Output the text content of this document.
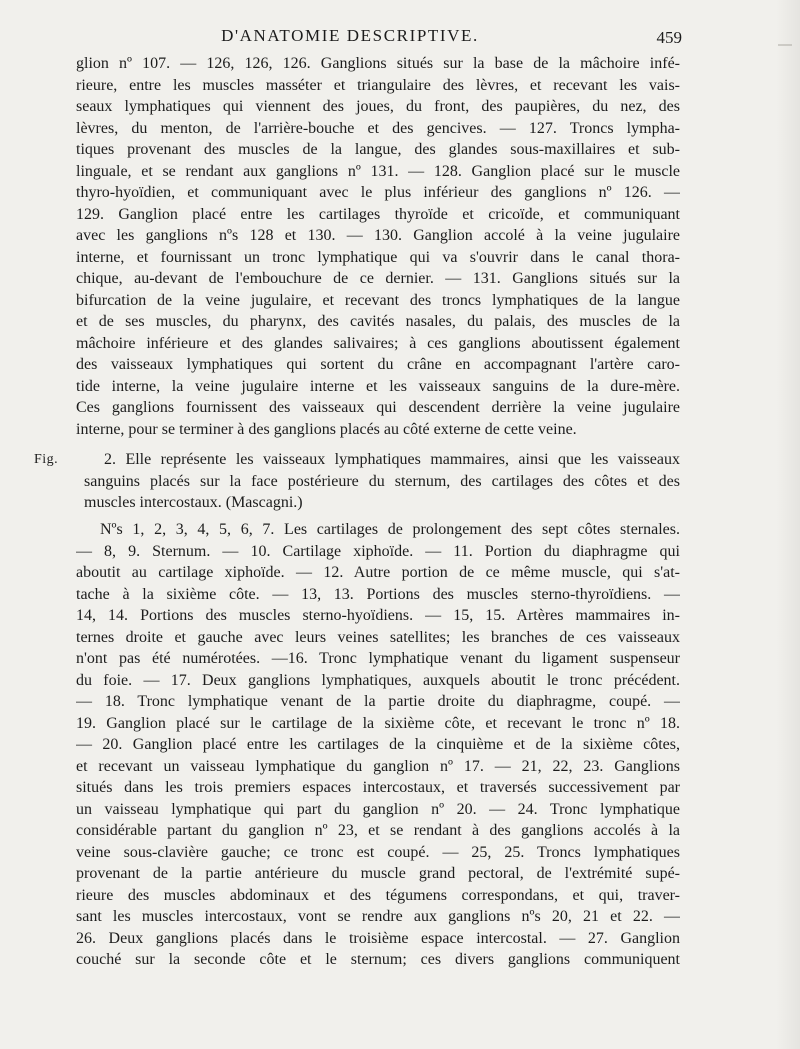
D'ANATOMIE DESCRIPTIVE.	459
glion nº 107. — 126, 126, 126. Ganglions situés sur la base de la mâchoire infé-
rieure, entre les muscles masséter et triangulaire des lèvres, et recevant les vais-
seaux lymphatiques qui viennent des joues, du front, des paupières, du nez, des
lèvres, du menton, de l'arrière-bouche et des gencives. — 127. Troncs lympha-
tiques provenant des muscles de la langue, des glandes sous-maxillaires et sub-
linguale, et se rendant aux ganglions nº 131. — 128. Ganglion placé sur le muscle
thyro-hyoïdien, et communiquant avec le plus inférieur des ganglions nº 126. —
129. Ganglion placé entre les cartilages thyroïde et cricoïde, et communiquant
avec les ganglions nºs 128 et 130. — 130. Ganglion accolé à la veine jugulaire
interne, et fournissant un tronc lymphatique qui va s'ouvrir dans le canal thora-
chique, au-devant de l'embouchure de ce dernier. — 131. Ganglions situés sur la
bifurcation de la veine jugulaire, et recevant des troncs lymphatiques de la langue
et de ses muscles, du pharynx, des cavités nasales, du palais, des muscles de la
mâchoire inférieure et des glandes salivaires; à ces ganglions aboutissent également
des vaisseaux lymphatiques qui sortent du crâne en accompagnant l'artère caro-
tide interne, la veine jugulaire interne et les vaisseaux sanguins de la dure-mère.
Ces ganglions fournissent des vaisseaux qui descendent derrière la veine jugulaire
interne, pour se terminer à des ganglions placés au côté externe de cette veine.
Fig.	2. Elle représente les vaisseaux lymphatiques mammaires, ainsi que les vaisseaux
sanguins placés sur la face postérieure du sternum, des cartilages des côtes et des
muscles intercostaux. (Mascagni.)
Nºs 1, 2, 3, 4, 5, 6, 7. Les cartilages de prolongement des sept côtes sternales.
— 8, 9. Sternum. — 10. Cartilage xiphoïde. — 11. Portion du diaphragme qui
aboutit au cartilage xiphoïde. — 12. Autre portion de ce même muscle, qui s'at-
tache à la sixième côte. — 13, 13. Portions des muscles sterno-thyroïdiens. —
14, 14. Portions des muscles sterno-hyoïdiens. — 15, 15. Artères mammaires in-
ternes droite et gauche avec leurs veines satellites; les branches de ces vaisseaux
n'ont pas été numérotées. —16. Tronc lymphatique venant du ligament suspenseur
du foie. — 17. Deux ganglions lymphatiques, auxquels aboutit le tronc précédent.
— 18. Tronc lymphatique venant de la partie droite du diaphragme, coupé. —
19. Ganglion placé sur le cartilage de la sixième côte, et recevant le tronc nº 18.
— 20. Ganglion placé entre les cartilages de la cinquième et de la sixième côtes,
et recevant un vaisseau lymphatique du ganglion nº 17. — 21, 22, 23. Ganglions
situés dans les trois premiers espaces intercostaux, et traversés successivement par
un vaisseau lymphatique qui part du ganglion nº 20. — 24. Tronc lymphatique
considérable partant du ganglion nº 23, et se rendant à des ganglions accolés à la
veine sous-clavière gauche; ce tronc est coupé. — 25, 25. Troncs lymphatiques
provenant de la partie antérieure du muscle grand pectoral, de l'extrémité supé-
rieure des muscles abdominaux et des tégumens correspondans, et qui, traver-
sant les muscles intercostaux, vont se rendre aux ganglions nºs 20, 21 et 22. —
26. Deux ganglions placés dans le troisième espace intercostal. — 27. Ganglion
couché sur la seconde côte et le sternum; ces divers ganglions communiquent
